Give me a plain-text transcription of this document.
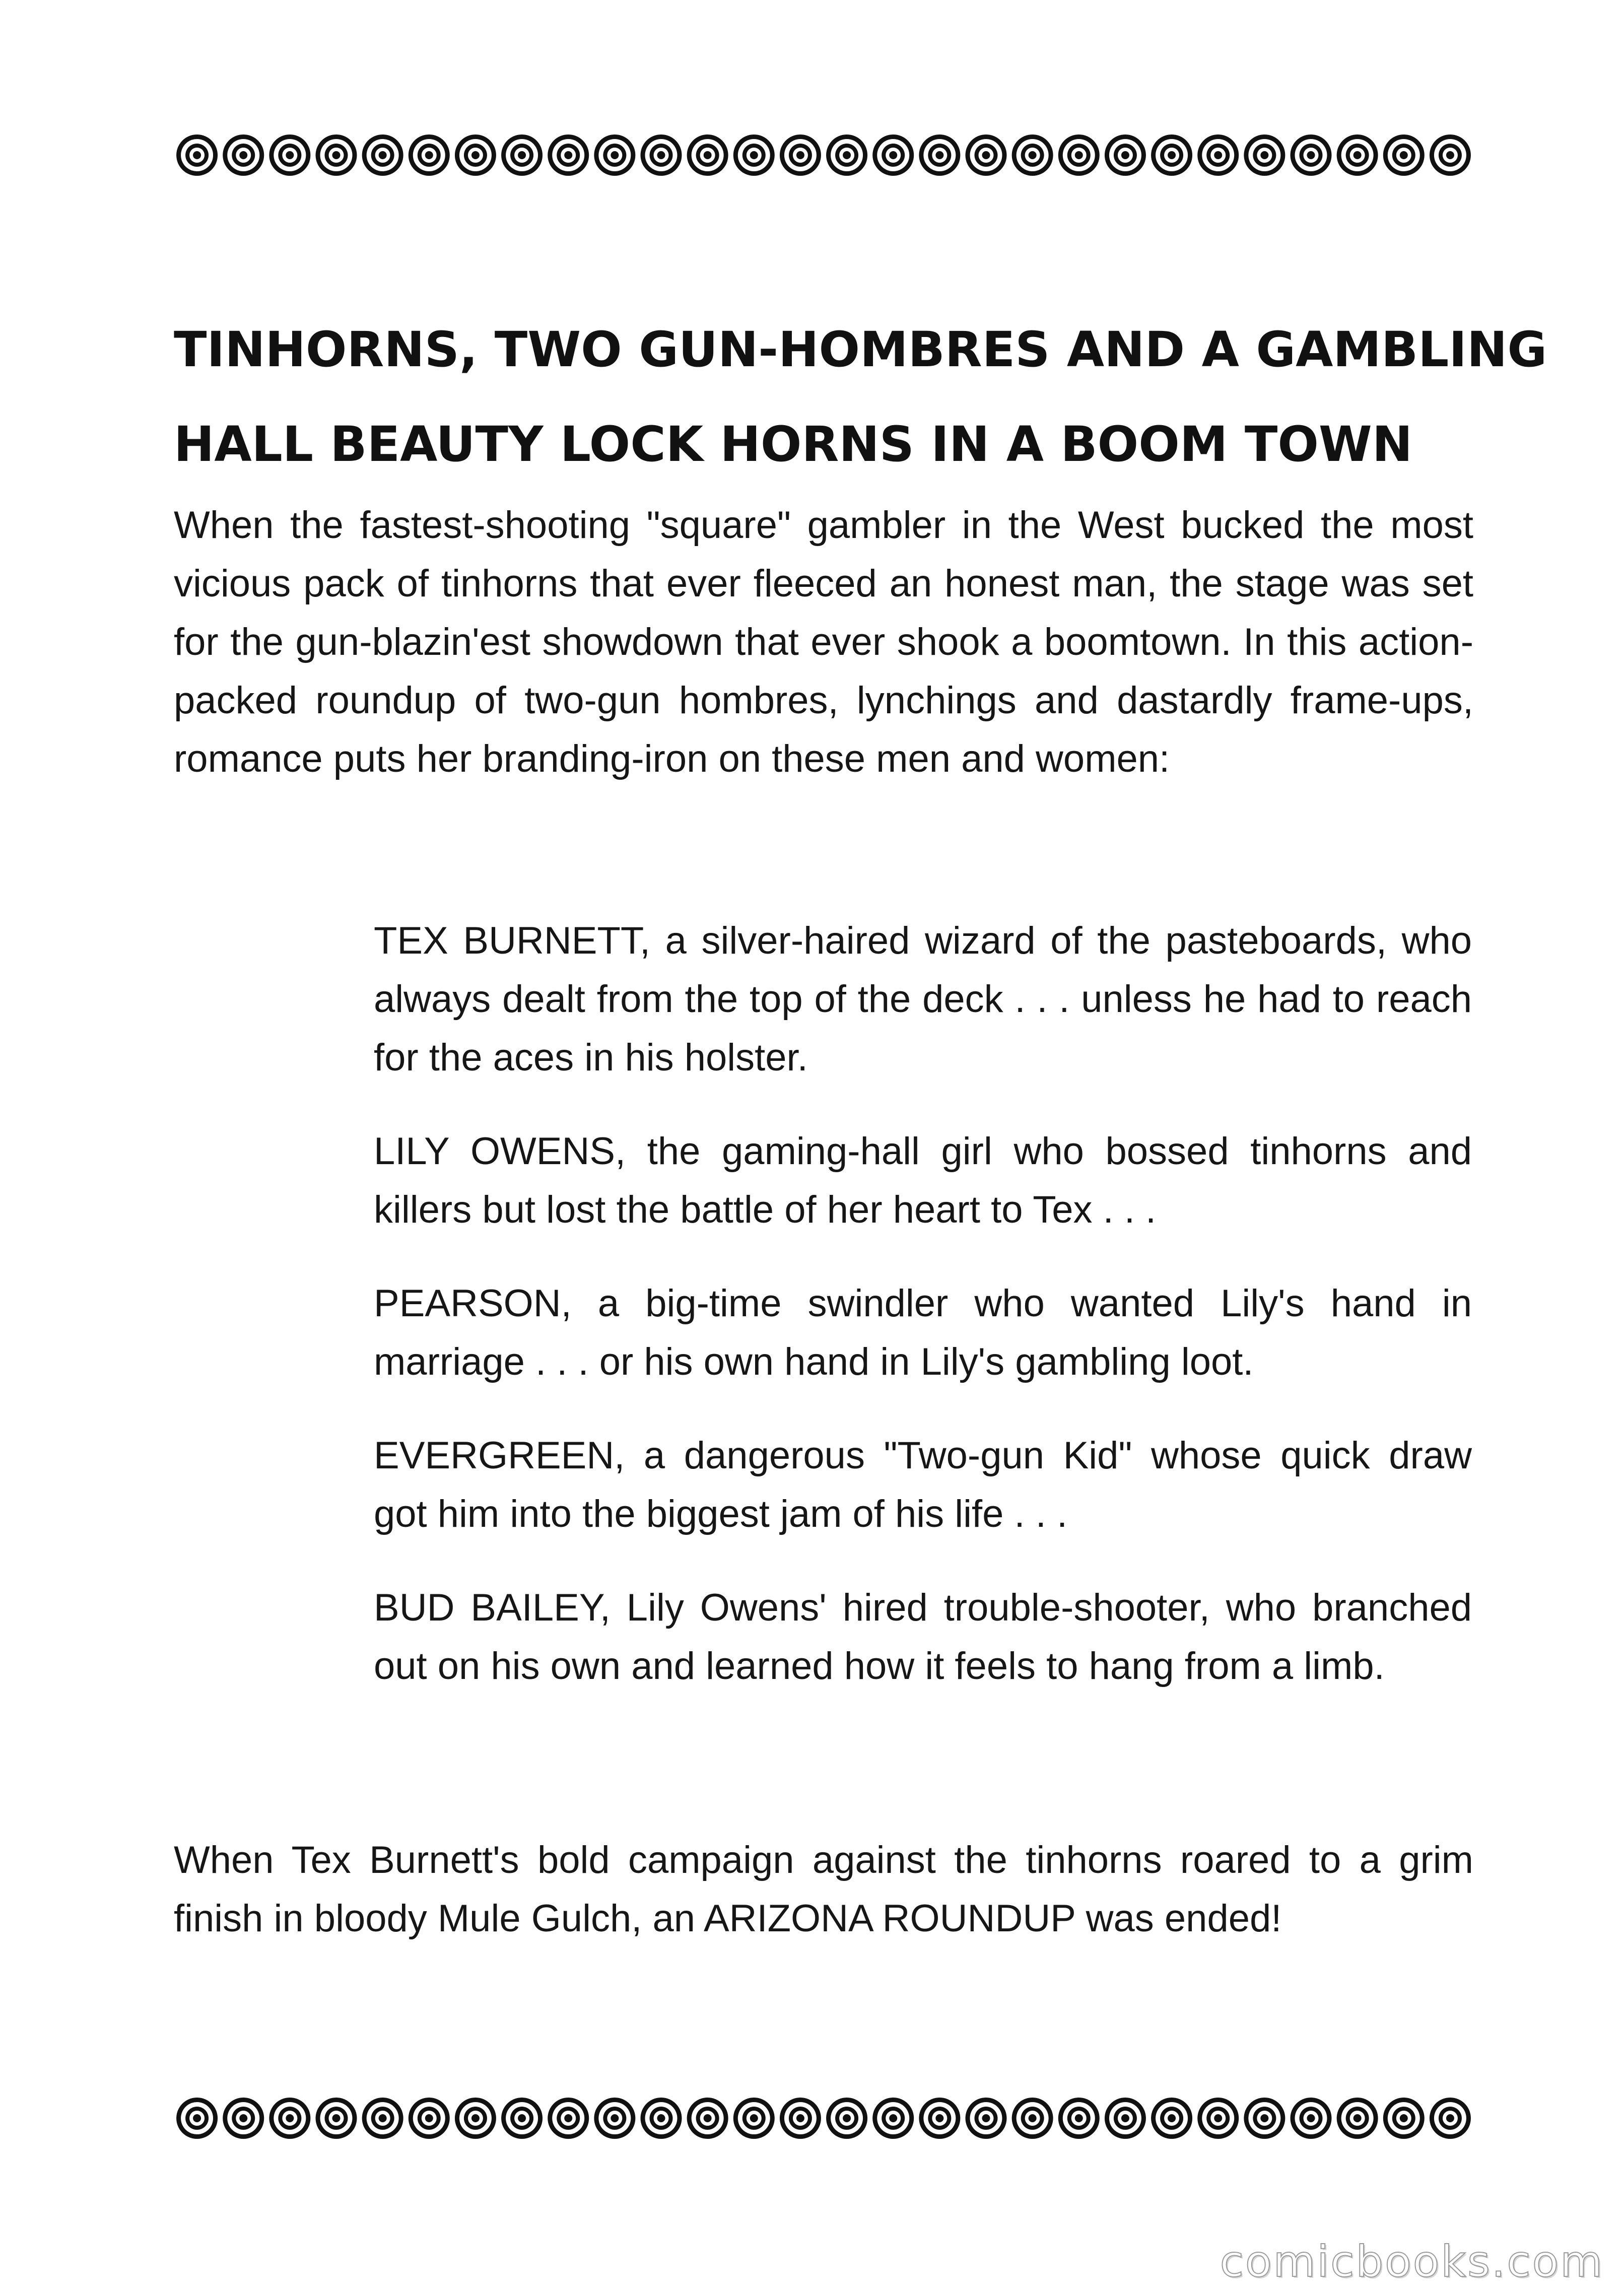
TINHORNS, TWO GUN-HOMBRES AND A GAMBLING
HALL BEAUTY LOCK HORNS IN A BOOM TOWN

When the fastest-shooting "square" gambler in the West bucked the most vicious pack of tinhorns that ever fleeced an honest man, the stage was set for the gun-blazin'est showdown that ever shook a boomtown. In this action-packed roundup of two-gun hombres, lynchings and dastardly frame-ups, romance puts her branding-iron on these men and women:

TEX BURNETT, a silver-haired wizard of the pasteboards, who always dealt from the top of the deck . . . unless he had to reach for the aces in his holster.
LILY OWENS, the gaming-hall girl who bossed tinhorns and killers but lost the battle of her heart to Tex . . .
PEARSON, a big-time swindler who wanted Lily's hand in marriage . . . or his own hand in Lily's gambling loot.
EVERGREEN, a dangerous "Two-gun Kid" whose quick draw got him into the biggest jam of his life . . .
BUD BAILEY, Lily Owens' hired trouble-shooter, who branched out on his own and learned how it feels to hang from a limb.

When Tex Burnett's bold campaign against the tinhorns roared to a grim finish in bloody Mule Gulch, an ARIZONA ROUNDUP was ended!

comicbooks.com
